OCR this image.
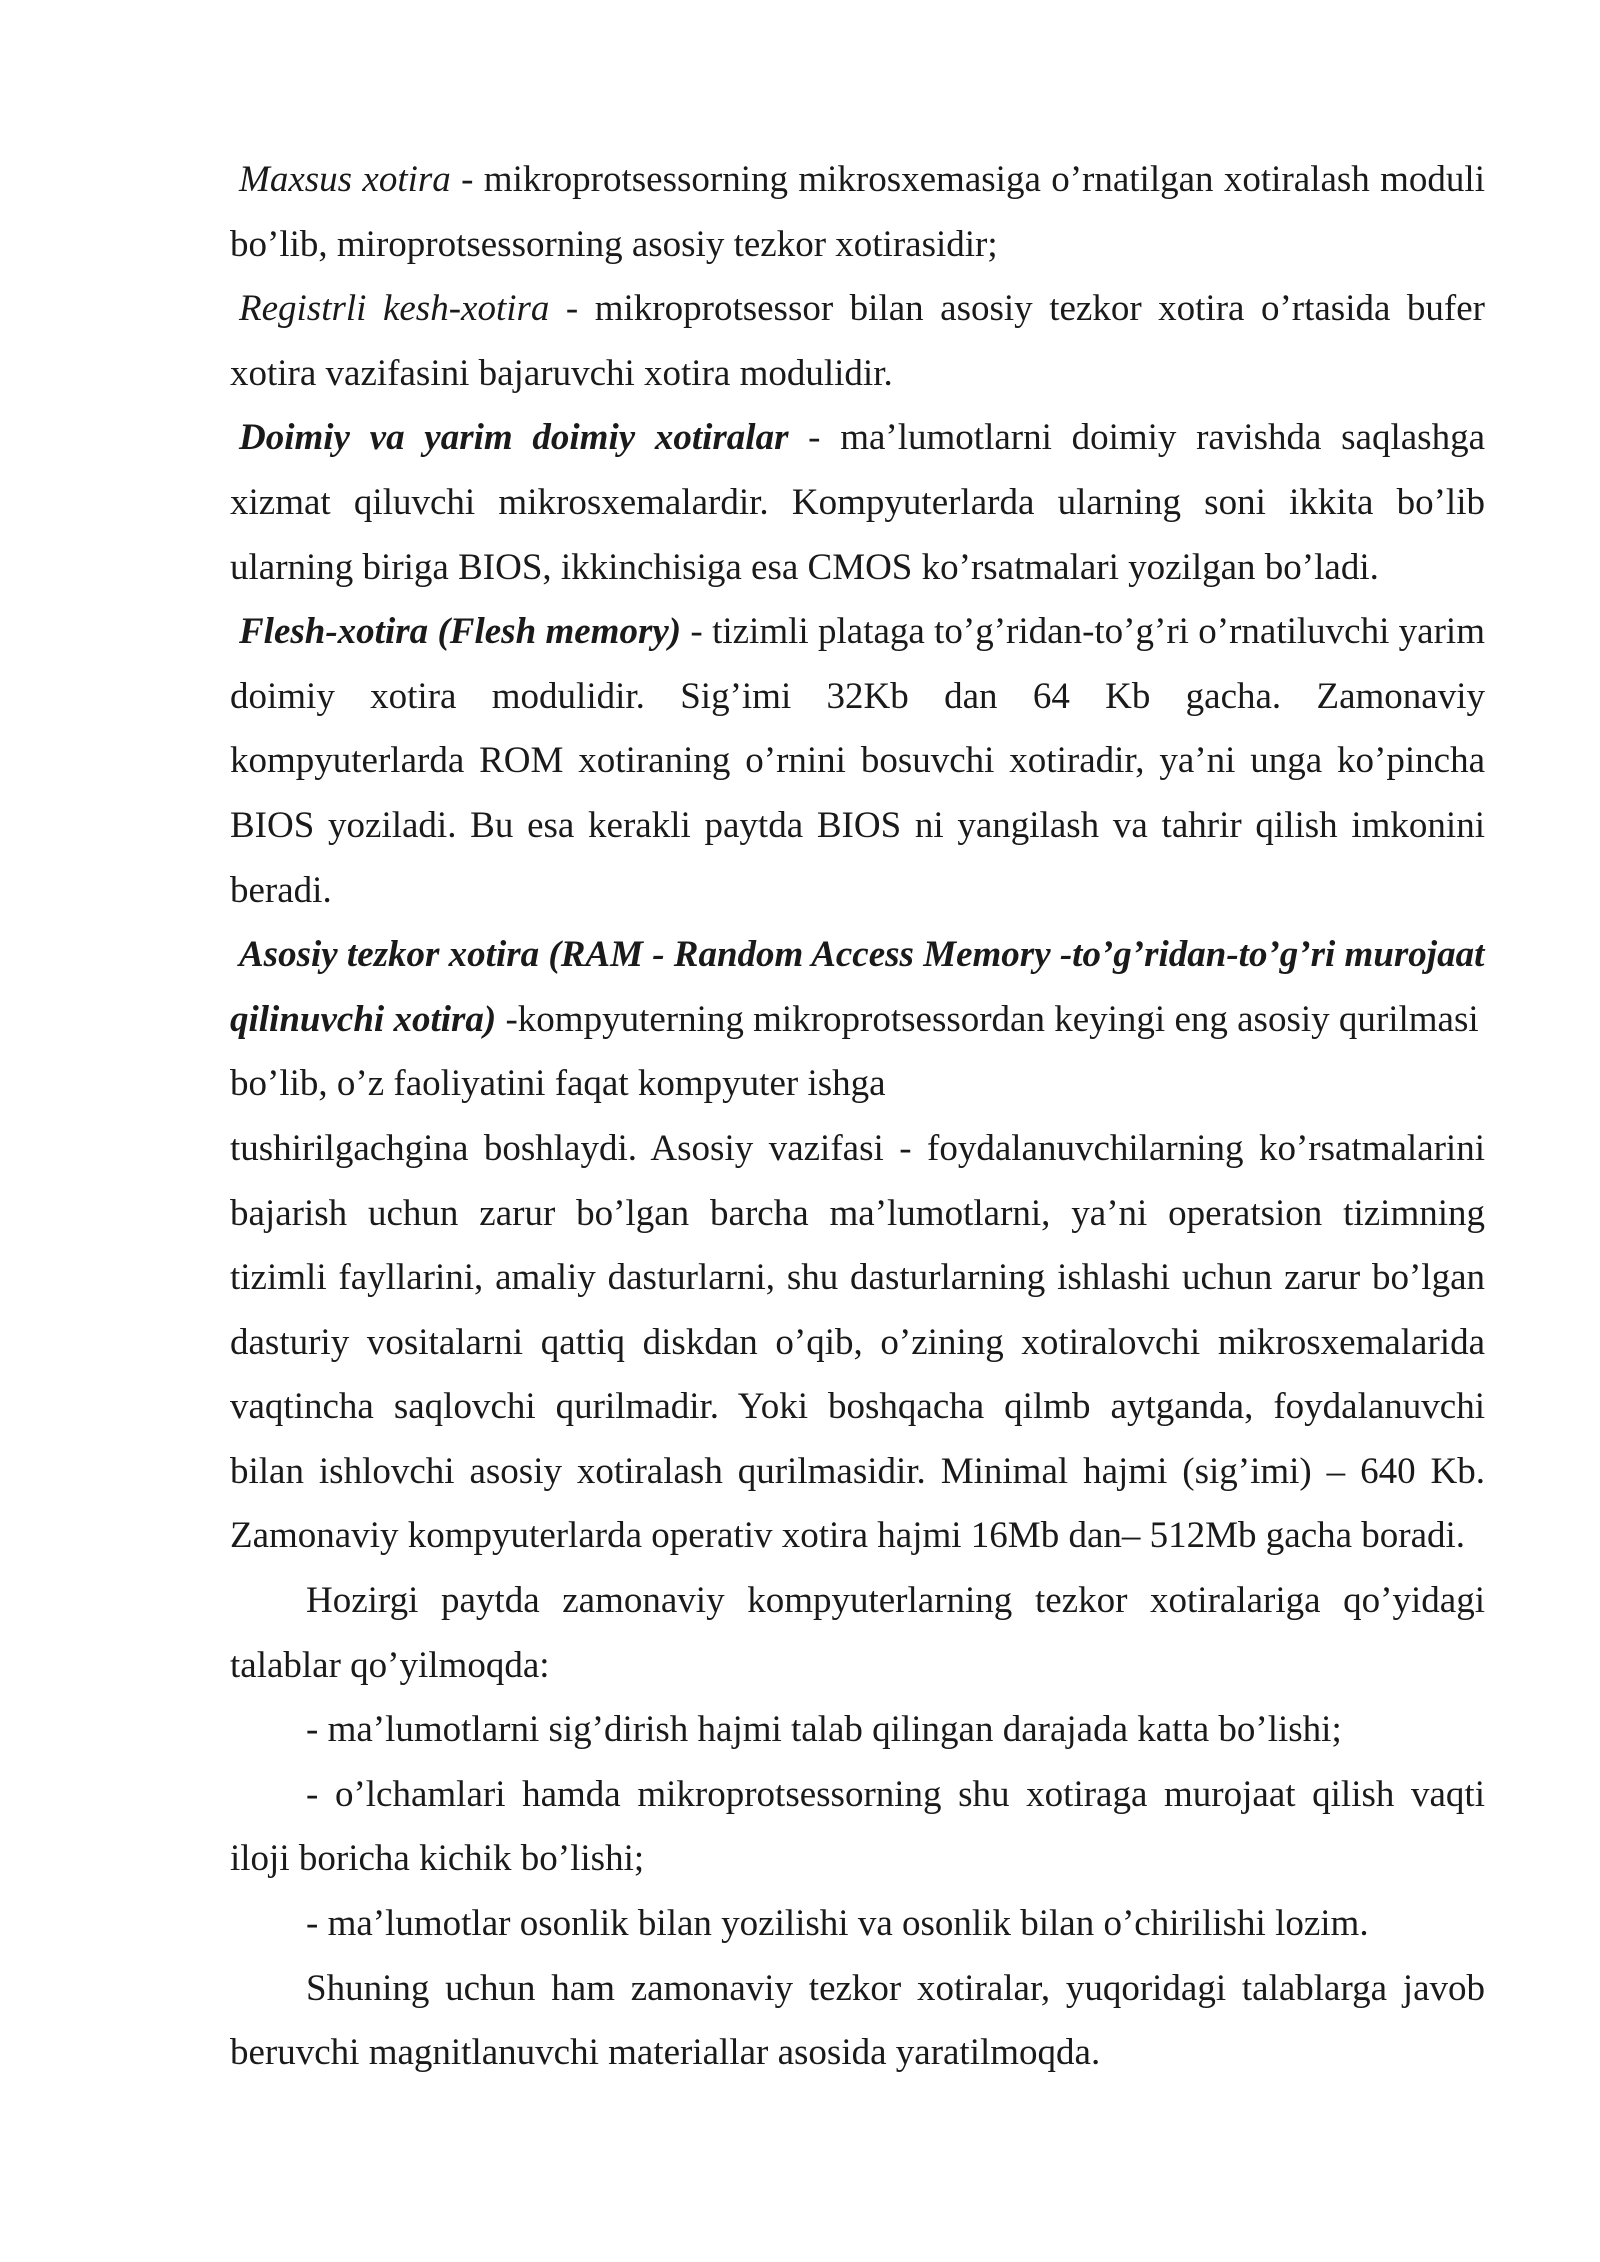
Maxsus xotira - mikroprotsessorning mikrosxemasiga o’rnatilgan xotiralash moduli bo’lib, miroprotsessorning asosiy tezkor xotirasidir;

Registrli kesh-xotira - mikroprotsessor bilan asosiy tezkor xotira o’rtasida bufer xotira vazifasini bajaruvchi xotira modulidir.

Doimiy va yarim doimiy xotiralar - ma’lumotlarni doimiy ravishda saqlashga xizmat qiluvchi mikrosxemalardir. Kompyuterlarda ularning soni ikkita bo’lib ularning biriga BIOS, ikkinchisiga esa CMOS ko’rsatmalari yozilgan bo’ladi.

Flesh-xotira (Flesh memory) - tizimli plataga to’g’ridan-to’g’ri o’rnatiluvchi yarim doimiy xotira modulidir. Sig’imi 32Kb dan 64 Kb gacha. Zamonaviy kompyuterlarda ROM xotiraning o’rnini bosuvchi xotiradir, ya’ni unga ko’pincha BIOS yoziladi. Bu esa kerakli paytda BIOS ni yangilash va tahrir qilish imkonini beradi.

Asosiy tezkor xotira (RAM - Random Access Memory -to’g’ridan-to’g’ri murojaat qilinuvchi xotira) -kompyuterning mikroprotsessordan keyingi eng asosiy qurilmasi bo’lib, o’z faoliyatini faqat kompyuter ishga

tushirilgachgina boshlaydi. Asosiy vazifasi - foydalanuvchilarning ko’rsatmalarini bajarish uchun zarur bo’lgan barcha ma’lumotlarni, ya’ni operatsion tizimning tizimli fayllarini, amaliy dasturlarni, shu dasturlarning ishlashi uchun zarur bo’lgan dasturiy vositalarni qattiq diskdan o’qib, o’zining xotiralovchi mikrosxemalarida vaqtincha saqlovchi qurilmadir. Yoki boshqacha qilmb aytganda, foydalanuvchi bilan ishlovchi asosiy xotiralash qurilmasidir. Minimal hajmi (sig’imi) – 640 Kb. Zamonaviy kompyuterlarda operativ xotira hajmi 16Mb dan– 512Mb gacha boradi.

Hozirgi paytda zamonaviy kompyuterlarning tezkor xotiralariga qo’yidagi talablar qo’yilmoqda:

- ma’lumotlarni sig’dirish hajmi talab qilingan darajada katta bo’lishi;

- o’lchamlari hamda mikroprotsessorning shu xotiraga murojaat qilish vaqti iloji boricha kichik bo’lishi;

- ma’lumotlar osonlik bilan yozilishi va osonlik bilan o’chirilishi lozim.

Shuning uchun ham zamonaviy tezkor xotiralar, yuqoridagi talablarga javob beruvchi magnitlanuvchi materiallar asosida yaratilmoqda.
